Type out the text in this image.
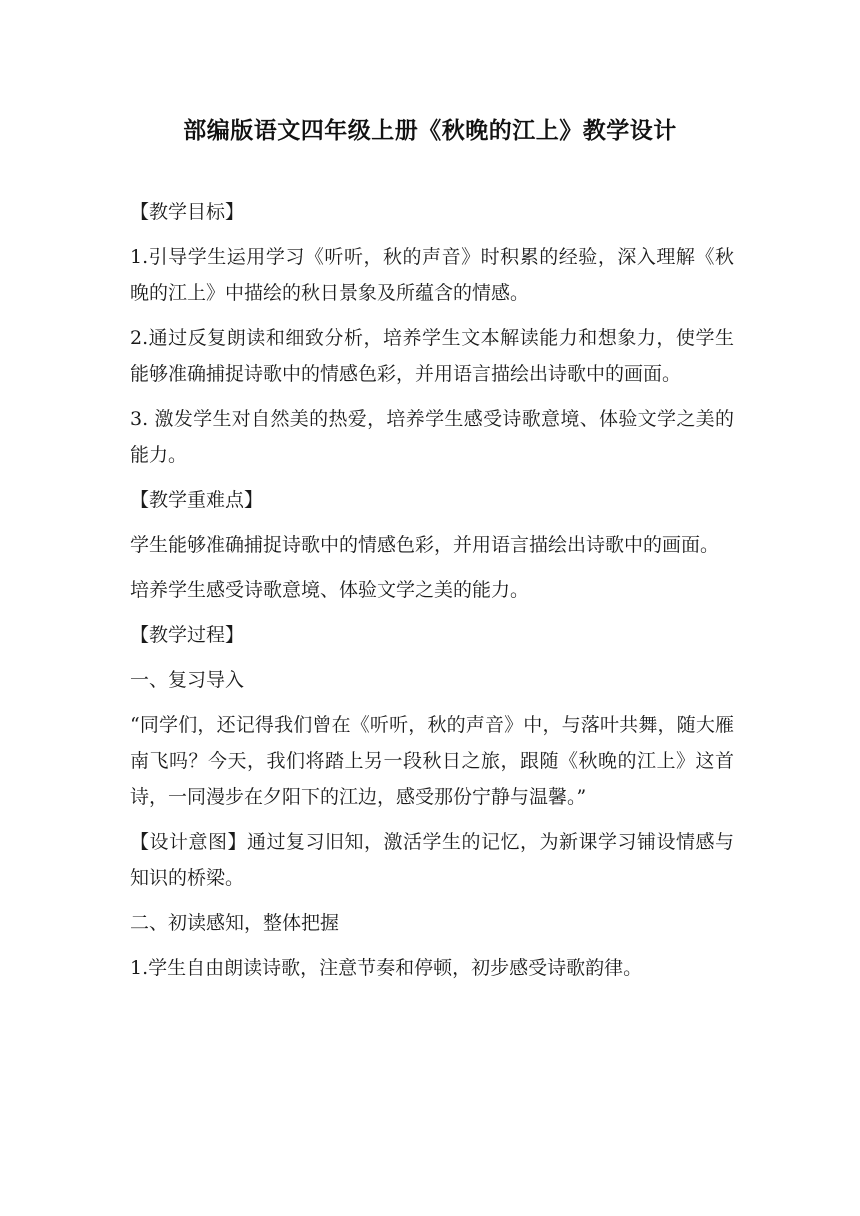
部编版语文四年级上册《秋晚的江上》教学设计

【教学目标】

1.引导学生运用学习《听听，秋的声音》时积累的经验，深入理解《秋晚的江上》中描绘的秋日景象及所蕴含的情感。

2.通过反复朗读和细致分析，培养学生文本解读能力和想象力，使学生能够准确捕捉诗歌中的情感色彩，并用语言描绘出诗歌中的画面。

3. 激发学生对自然美的热爱，培养学生感受诗歌意境、体验文学之美的能力。

【教学重难点】

学生能够准确捕捉诗歌中的情感色彩，并用语言描绘出诗歌中的画面。

培养学生感受诗歌意境、体验文学之美的能力。

【教学过程】

一、复习导入

“同学们，还记得我们曾在《听听，秋的声音》中，与落叶共舞，随大雁南飞吗？今天，我们将踏上另一段秋日之旅，跟随《秋晚的江上》这首诗，一同漫步在夕阳下的江边，感受那份宁静与温馨。”

【设计意图】通过复习旧知，激活学生的记忆，为新课学习铺设情感与知识的桥梁。

二、初读感知，整体把握

1.学生自由朗读诗歌，注意节奏和停顿，初步感受诗歌韵律。
